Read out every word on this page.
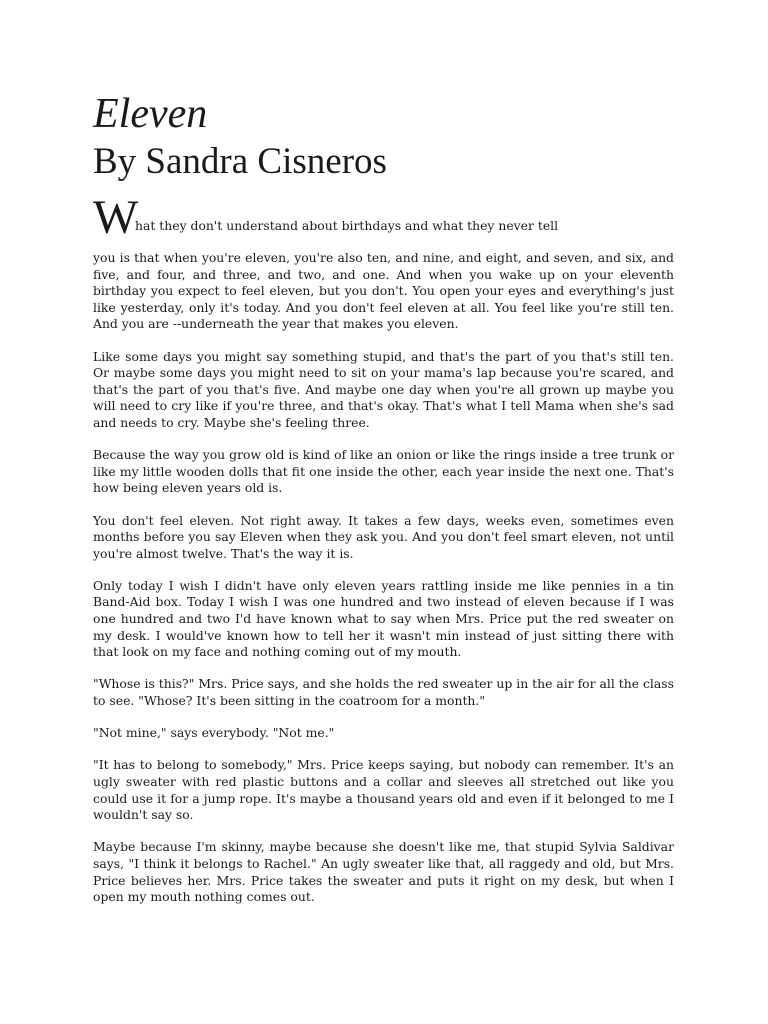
Eleven
By Sandra Cisneros
W
hat they don't understand about birthdays and what they never tell

you is that when you're eleven, you're also ten, and nine, and eight, and seven, and six, and five, and four, and three, and two, and one. And when you wake up on your eleventh birthday you expect to feel eleven, but you don't. You open your eyes and everything's just like yesterday, only it's today. And you don't feel eleven at all. You feel like you're still ten. And you are --underneath the year that makes you eleven.

Like some days you might say something stupid, and that's the part of you that's still ten. Or maybe some days you might need to sit on your mama's lap because you're scared, and that's the part of you that's five. And maybe one day when you're all grown up maybe you will need to cry like if you're three, and that's okay. That's what I tell Mama when she's sad and needs to cry. Maybe she's feeling three.

Because the way you grow old is kind of like an onion or like the rings inside a tree trunk or like my little wooden dolls that fit one inside the other, each year inside the next one. That's how being eleven years old is.

You don't feel eleven. Not right away. It takes a few days, weeks even, sometimes even months before you say Eleven when they ask you. And you don't feel smart eleven, not until you're almost twelve. That's the way it is.

Only today I wish I didn't have only eleven years rattling inside me like pennies in a tin Band-Aid box. Today I wish I was one hundred and two instead of eleven because if I was one hundred and two I'd have known what to say when Mrs. Price put the red sweater on my desk. I would've known how to tell her it wasn't min instead of just sitting there with that look on my face and nothing coming out of my mouth.

"Whose is this?" Mrs. Price says, and she holds the red sweater up in the air for all the class to see. "Whose? It's been sitting in the coatroom for a month."

"Not mine," says everybody. "Not me."

"It has to belong to somebody," Mrs. Price keeps saying, but nobody can remember. It's an ugly sweater with red plastic buttons and a collar and sleeves all stretched out like you could use it for a jump rope. It's maybe a thousand years old and even if it belonged to me I wouldn't say so.

Maybe because I'm skinny, maybe because she doesn't like me, that stupid Sylvia Saldivar says, "I think it belongs to Rachel." An ugly sweater like that, all raggedy and old, but Mrs. Price believes her. Mrs. Price takes the sweater and puts it right on my desk, but when I open my mouth nothing comes out.
